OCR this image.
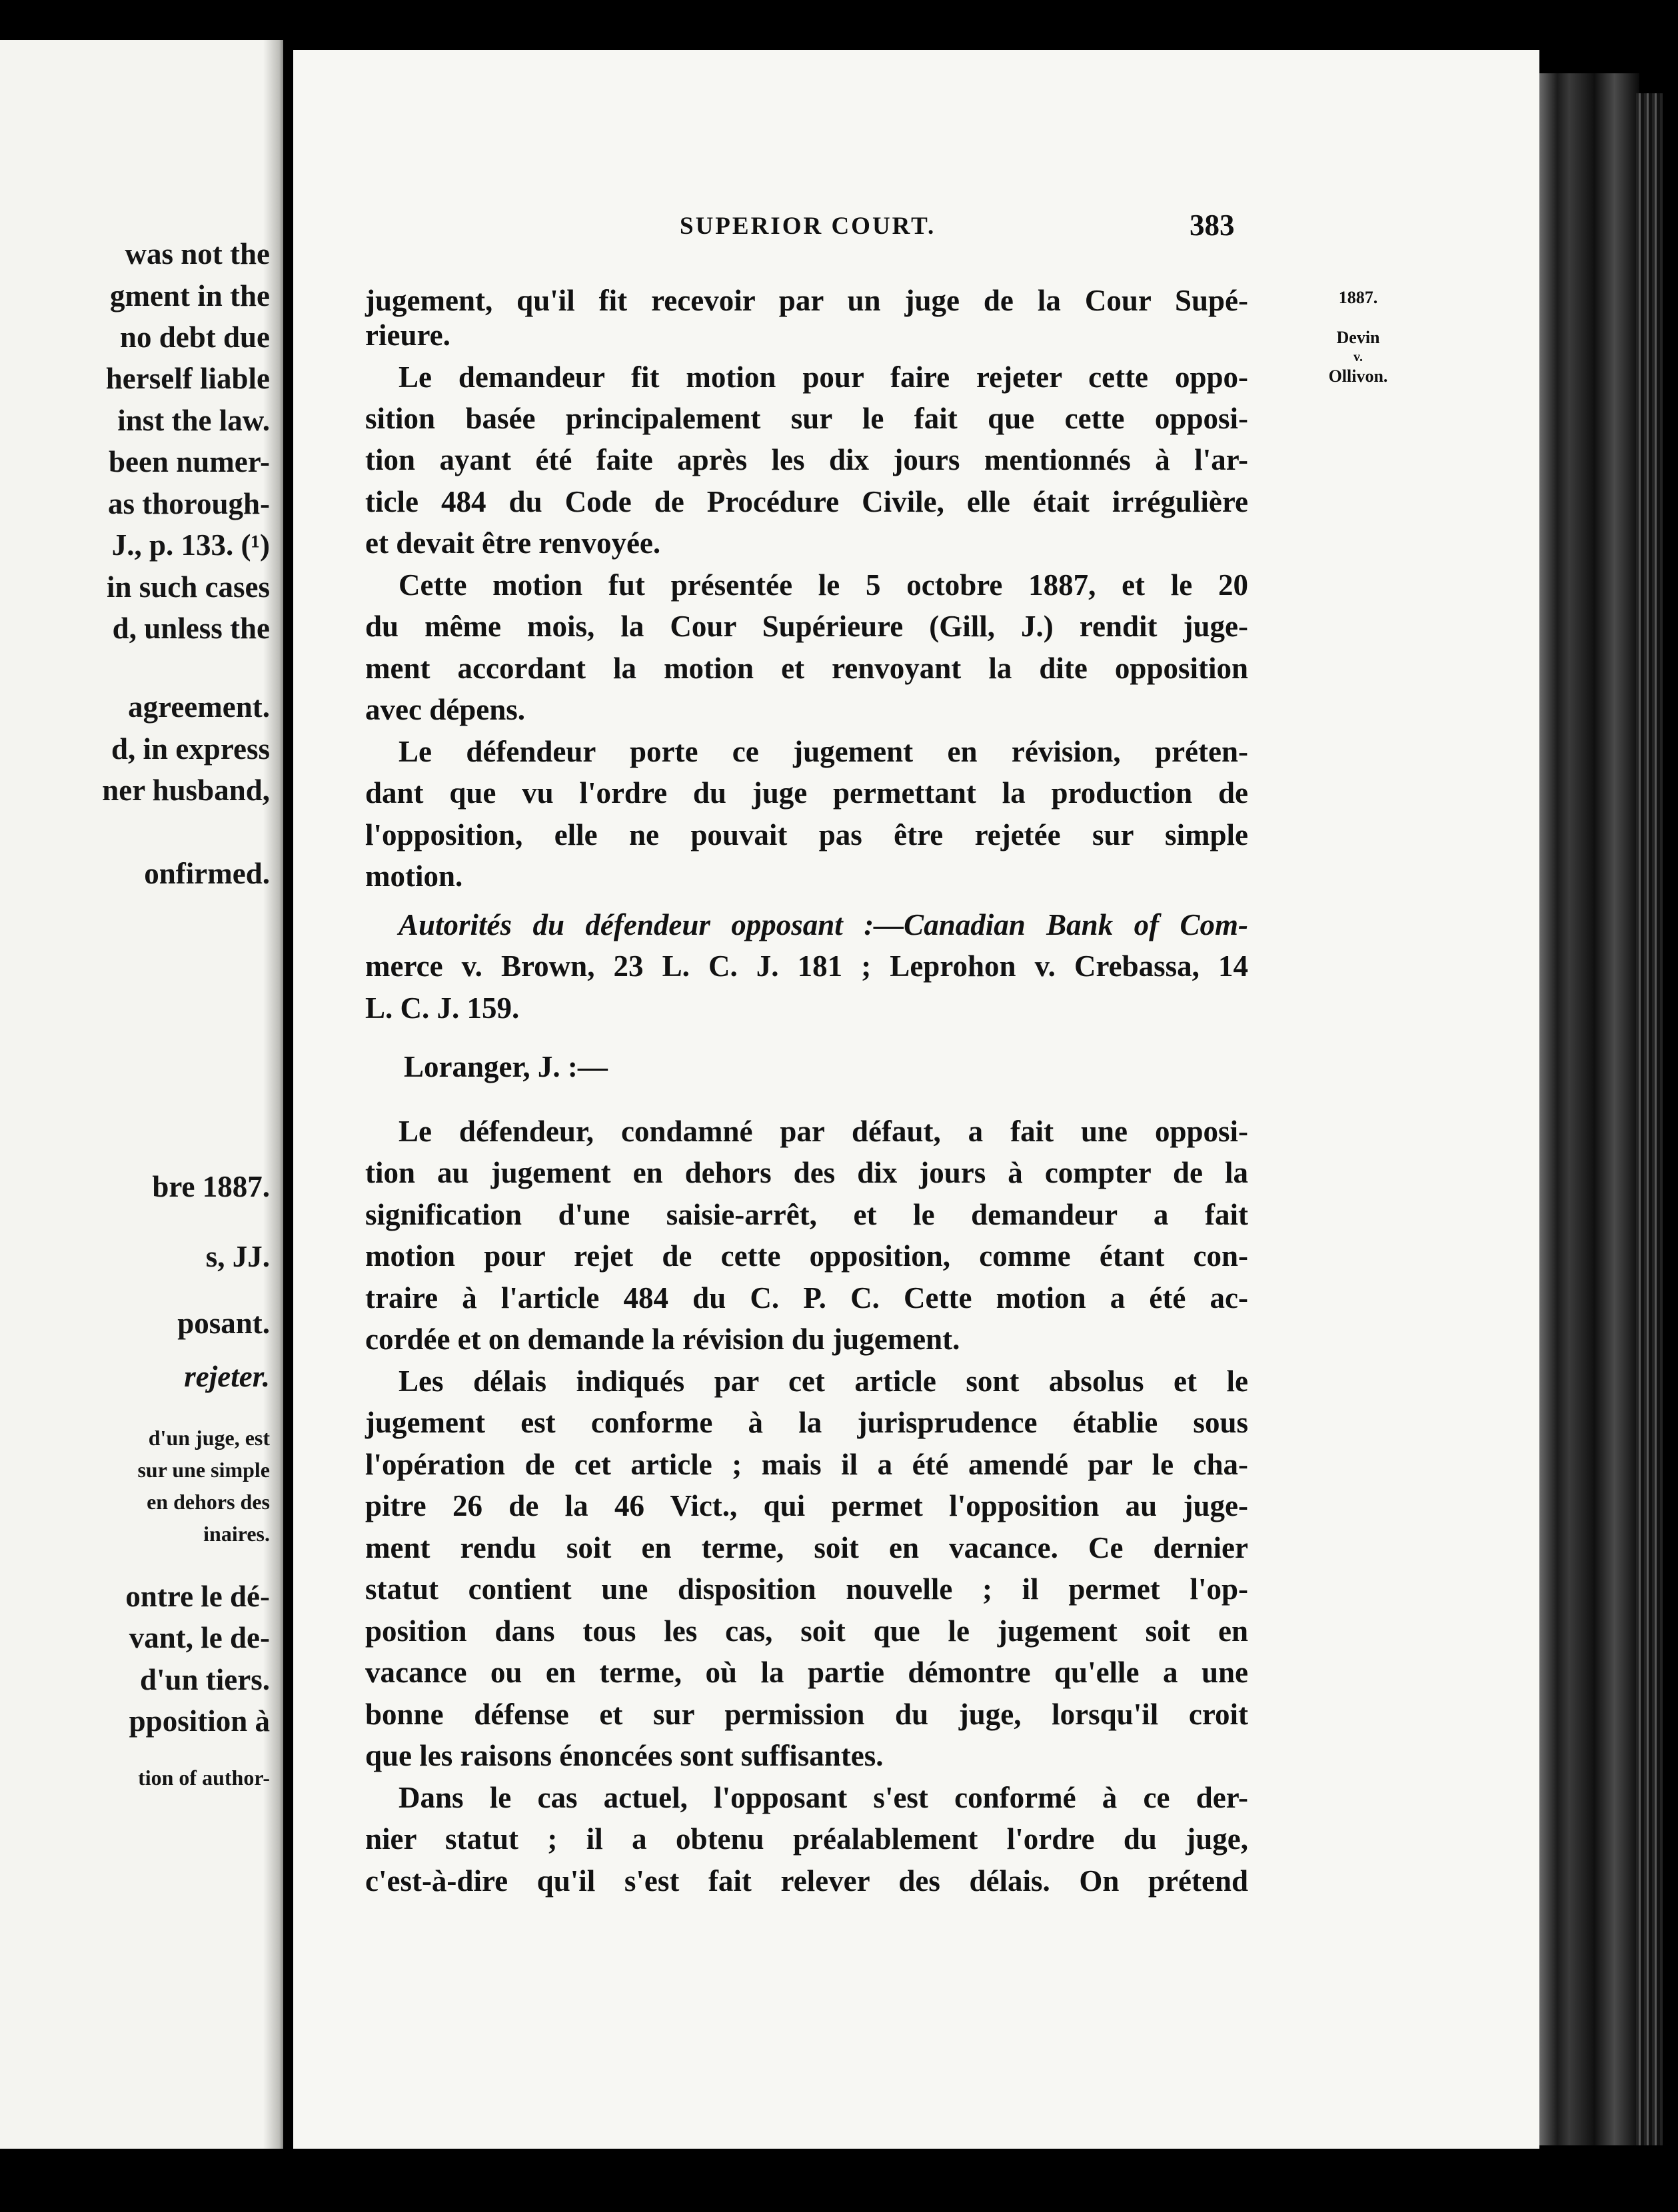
was not the
gment in the
no debt due
herself liable
inst the law.
been numer-
as thorough-
J., p. 133. (¹)
in such cases
d, unless the
agreement.
d, in express
ner husband,
onfirmed.
bre 1887.
s, JJ.
posant.
rejeter.
d'un juge, est
sur une simple
en dehors des
inaires.
ontre le dé-
vant, le de-
d'un tiers.
pposition à
tion of author-
SUPERIOR COURT.	383
1887.
Devin
v.
Ollivon.
Loranger, J. :—
jugement, qu'il fit recevoir par un juge de la Cour Supé-
rieure.
Le demandeur fit motion pour faire rejeter cette oppo-
sition basée principalement sur le fait que cette opposi-
tion ayant été faite après les dix jours mentionnés à l'ar-
ticle 484 du Code de Procédure Civile, elle était irrégulière
et devait être renvoyée.
Cette motion fut présentée le 5 octobre 1887, et le 20
du même mois, la Cour Supérieure (Gill, J.) rendit juge-
ment accordant la motion et renvoyant la dite opposition
avec dépens.
Le défendeur porte ce jugement en révision, préten-
dant que vu l'ordre du juge permettant la production de
l'opposition, elle ne pouvait pas être rejetée sur simple
motion.
Autorités du défendeur opposant :—Canadian Bank of Com-
merce v. Brown, 23 L. C. J. 181 ; Leprohon v. Crebassa, 14
L. C. J. 159.
Le défendeur, condamné par défaut, a fait une opposi-
tion au jugement en dehors des dix jours à compter de la
signification d'une saisie-arrêt, et le demandeur a fait
motion pour rejet de cette opposition, comme étant con-
traire à l'article 484 du C. P. C. Cette motion a été ac-
cordée et on demande la révision du jugement.
Les délais indiqués par cet article sont absolus et le
jugement est conforme à la jurisprudence établie sous
l'opération de cet article ; mais il a été amendé par le cha-
pitre 26 de la 46 Vict., qui permet l'opposition au juge-
ment rendu soit en terme, soit en vacance. Ce dernier
statut contient une disposition nouvelle ; il permet l'op-
position dans tous les cas, soit que le jugement soit en
vacance ou en terme, où la partie démontre qu'elle a une
bonne défense et sur permission du juge, lorsqu'il croit
que les raisons énoncées sont suffisantes.
Dans le cas actuel, l'opposant s'est conformé à ce der-
nier statut ; il a obtenu préalablement l'ordre du juge,
c'est-à-dire qu'il s'est fait relever des délais. On prétend
